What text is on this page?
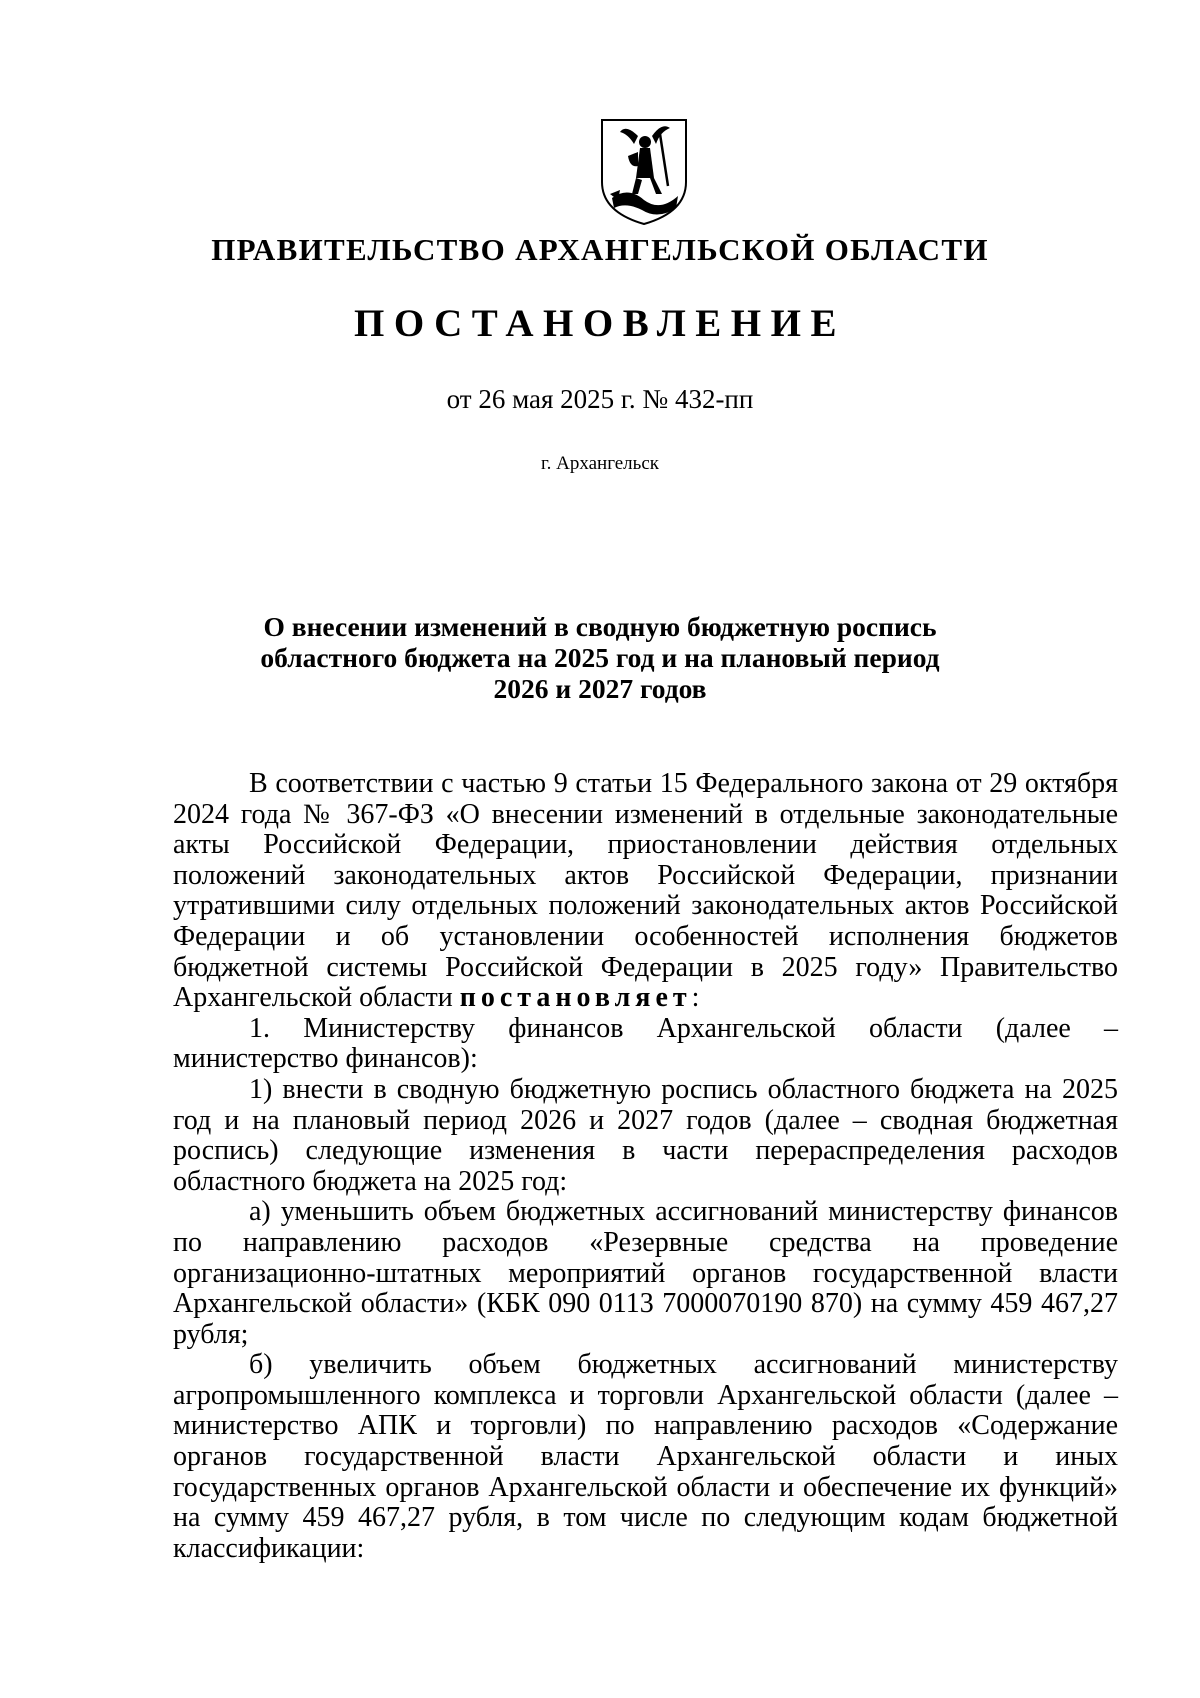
ПРАВИТЕЛЬСТВО АРХАНГЕЛЬСКОЙ ОБЛАСТИ
ПОСТАНОВЛЕНИЕ
от 26 мая 2025 г. № 432-пп
г. Архангельск
О внесении изменений в сводную бюджетную роспись
областного бюджета на 2025 год и на плановый период
2026 и 2027 годов

В соответствии с частью 9 статьи 15 Федерального закона от 29 октября 2024 года № 367-ФЗ «О внесении изменений в отдельные законодательные акты Российской Федерации, приостановлении действия отдельных положений законодательных актов Российской Федерации, признании утратившими силу отдельных положений законодательных актов Российской Федерации и об установлении особенностей исполнения бюджетов бюджетной системы Российской Федерации в 2025 году» Правительство Архангельской области постановляет:

1. Министерству финансов Архангельской области (далее – министерство финансов):

1) внести в сводную бюджетную роспись областного бюджета на 2025 год и на плановый период 2026 и 2027 годов (далее – сводная бюджетная роспись) следующие изменения в части перераспределения расходов областного бюджета на 2025 год:

а) уменьшить объем бюджетных ассигнований министерству финансов по направлению расходов «Резервные средства на проведение организационно-штатных мероприятий органов государственной власти Архангельской области» (КБК 090 0113 7000070190 870) на сумму 459 467,27 рубля;

б) увеличить объем бюджетных ассигнований министерству агропромышленного комплекса и торговли Архангельской области (далее – министерство АПК и торговли) по направлению расходов «Содержание органов государственной власти Архангельской области и иных государственных органов Архангельской области и обеспечение их функций» на сумму 459 467,27 рубля, в том числе по следующим кодам бюджетной классификации:
